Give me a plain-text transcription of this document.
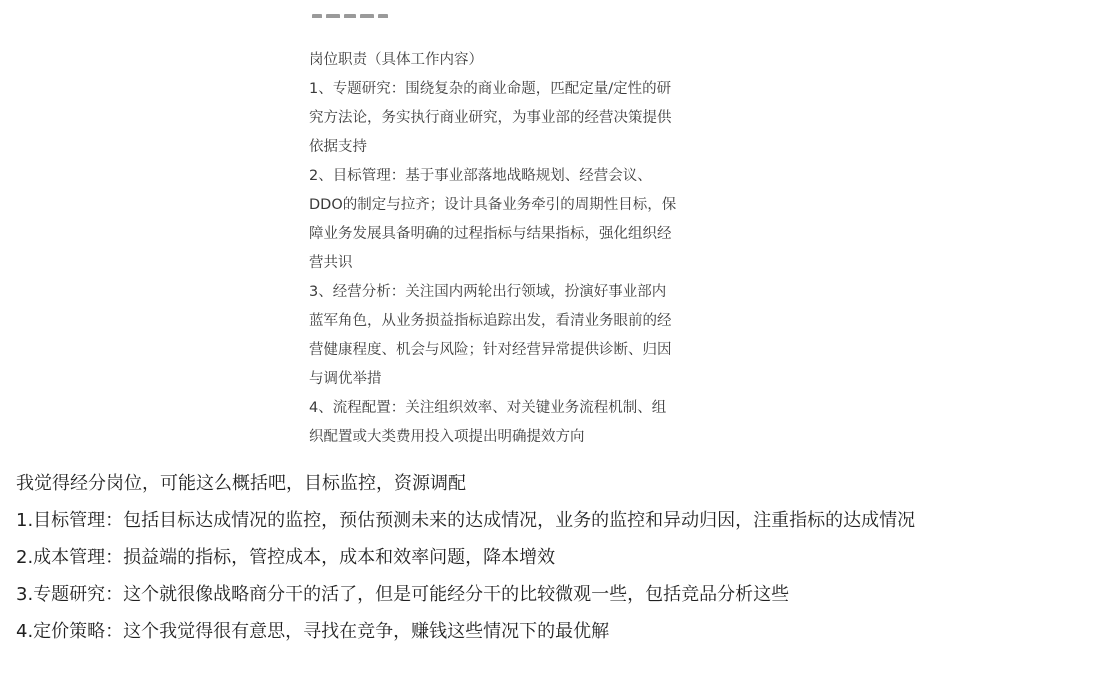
岗位职责（具体工作内容）
1、专题研究：围绕复杂的商业命题，匹配定量/定性的研
究方法论，务实执行商业研究，为事业部的经营决策提供
依据支持
2、目标管理：基于事业部落地战略规划、经营会议、
DDO的制定与拉齐；设计具备业务牵引的周期性目标，保
障业务发展具备明确的过程指标与结果指标，强化组织经
营共识
3、经营分析：关注国内两轮出行领域，扮演好事业部内
蓝军角色，从业务损益指标追踪出发，看清业务眼前的经
营健康程度、机会与风险；针对经营异常提供诊断、归因
与调优举措
4、流程配置：关注组织效率、对关键业务流程机制、组
织配置或大类费用投入项提出明确提效方向

我觉得经分岗位，可能这么概括吧，目标监控，资源调配

1.目标管理：包括目标达成情况的监控，预估预测未来的达成情况，业务的监控和异动归因，注重指标的达成情况

2.成本管理：损益端的指标，管控成本，成本和效率问题，降本增效

3.专题研究：这个就很像战略商分干的活了，但是可能经分干的比较微观一些，包括竞品分析这些

4.定价策略：这个我觉得很有意思，寻找在竞争，赚钱这些情况下的最优解
